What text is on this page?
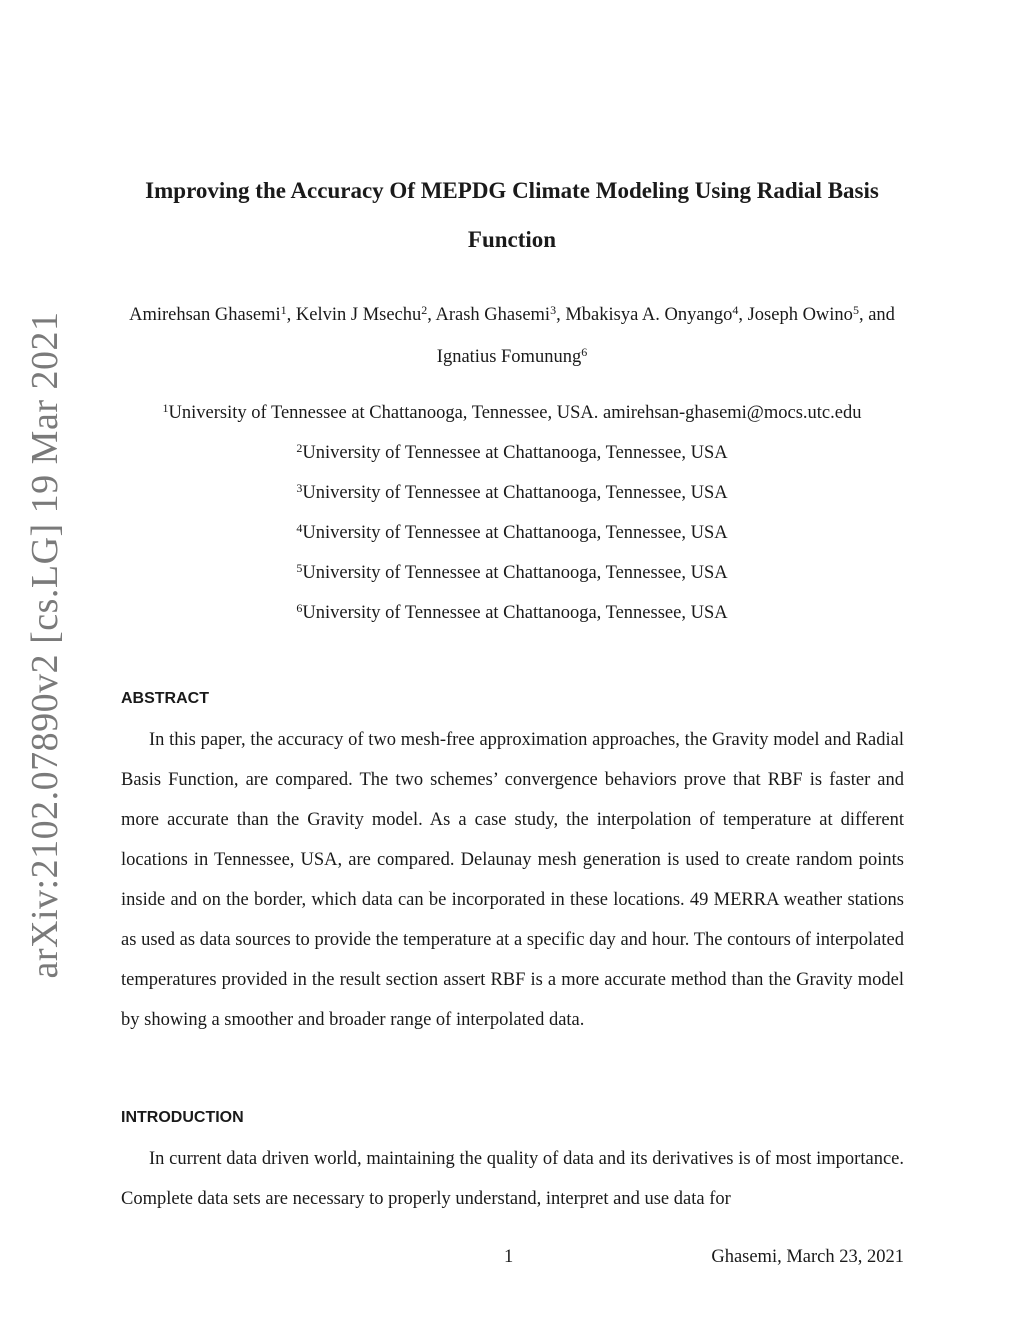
arXiv:2102.07890v2 [cs.LG] 19 Mar 2021
Improving the Accuracy Of MEPDG Climate Modeling Using Radial Basis Function

Amirehsan Ghasemi$^1$, Kelvin J Msechu$^2$, Arash Ghasemi$^3$, Mbakisya A. Onyango$^4$, Joseph Owino$^5$, and Ignatius Fomunung$^6$

$^1$University of Tennessee at Chattanooga, Tennessee, USA. amirehsan-ghasemi@mocs.utc.edu
$^2$University of Tennessee at Chattanooga, Tennessee, USA
$^3$University of Tennessee at Chattanooga, Tennessee, USA
$^4$University of Tennessee at Chattanooga, Tennessee, USA
$^5$University of Tennessee at Chattanooga, Tennessee, USA
$^6$University of Tennessee at Chattanooga, Tennessee, USA
ABSTRACT

In this paper, the accuracy of two mesh-free approximation approaches, the Gravity model and Radial Basis Function, are compared. The two schemes’ convergence behaviors prove that RBF is faster and more accurate than the Gravity model. As a case study, the interpolation of temperature at different locations in Tennessee, USA, are compared. Delaunay mesh generation is used to create random points inside and on the border, which data can be incorporated in these locations. 49 MERRA weather stations as used as data sources to provide the temperature at a specific day and hour. The contours of interpolated temperatures provided in the result section assert RBF is a more accurate method than the Gravity model by showing a smoother and broader range of interpolated data.

INTRODUCTION

In current data driven world, maintaining the quality of data and its derivatives is of most importance. Complete data sets are necessary to properly understand, interpret and use data for

1	Ghasemi, March 23, 2021
